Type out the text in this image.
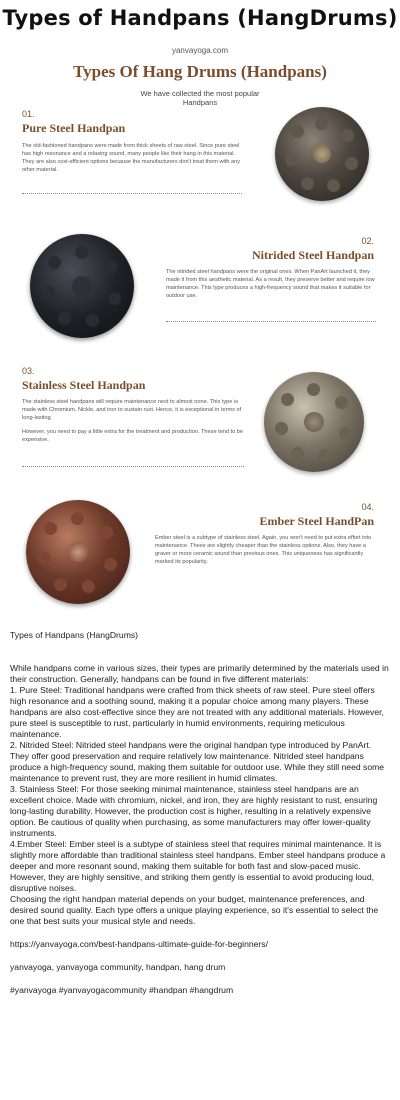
Types of Handpans (HangDrums)
yanvayoga.com
Types Of Hang Drums (Handpans)
We have collected the most popular
Handpans
01.
Pure Steel Handpan
The old-fashioned handpans were made from thick sheets of raw steel. Since pure steel has high resonance and a relaxing sound, many people like their hang in this material. They are also cost-efficient options because the manufacturers don't treat them with any other material.
02.
Nitrided Steel Handpan
The nitrided steel handpans were the original ones. When PanArt launched it, they made it from this aesthetic material. As a result, they preserve better and require low maintenance. This type produces a high-frequency sound that makes it suitable for outdoor use.
03.
Stainless Steel Handpan

The stainless steel handpans will require maintenance next to almost none. This type is made with Chromium, Nickle, and iron to sustain rust. Hence, it is exceptional in terms of long-lasting.

However, you need to pay a little extra for the treatment and production. These tend to be expensive.

04.
Ember Steel HandPan
Ember steel is a subtype of stainless steel. Again, you won't need to put extra effort into maintenance. These are slightly cheaper than the stainless options. Also, they have a graver or more ceramic sound than previous ones. This uniqueness has significantly marked its popularity.

Types of Handpans (HangDrums)

While handpans come in various sizes, their types are primarily determined by the materials used in their construction. Generally, handpans can be found in five different materials:

1. Pure Steel: Traditional handpans were crafted from thick sheets of raw steel. Pure steel offers high resonance and a soothing sound, making it a popular choice among many players. These handpans are also cost-effective since they are not treated with any additional materials. However, pure steel is susceptible to rust, particularly in humid environments, requiring meticulous maintenance.

2. Nitrided Steel: Nitrided steel handpans were the original handpan type introduced by PanArt. They offer good preservation and require relatively low maintenance. Nitrided steel handpans produce a high-frequency sound, making them suitable for outdoor use. While they still need some maintenance to prevent rust, they are more resilient in humid climates.

3. Stainless Steel: For those seeking minimal maintenance, stainless steel handpans are an excellent choice. Made with chromium, nickel, and iron, they are highly resistant to rust, ensuring long-lasting durability. However, the production cost is higher, resulting in a relatively expensive option. Be cautious of quality when purchasing, as some manufacturers may offer lower-quality instruments.

4.Ember Steel: Ember steel is a subtype of stainless steel that requires minimal maintenance. It is slightly more affordable than traditional stainless steel handpans. Ember steel handpans produce a deeper and more resonant sound, making them suitable for both fast and slow-paced music. However, they are highly sensitive, and striking them gently is essential to avoid producing loud, disruptive noises.

Choosing the right handpan material depends on your budget, maintenance preferences, and desired sound quality. Each type offers a unique playing experience, so it's essential to select the one that best suits your musical style and needs.

https://yanvayoga.com/best-handpans-ultimate-guide-for-beginners/

yanvayoga, yanvayoga community, handpan, hang drum

#yanvayoga #yanvayogacommunity #handpan #hangdrum
